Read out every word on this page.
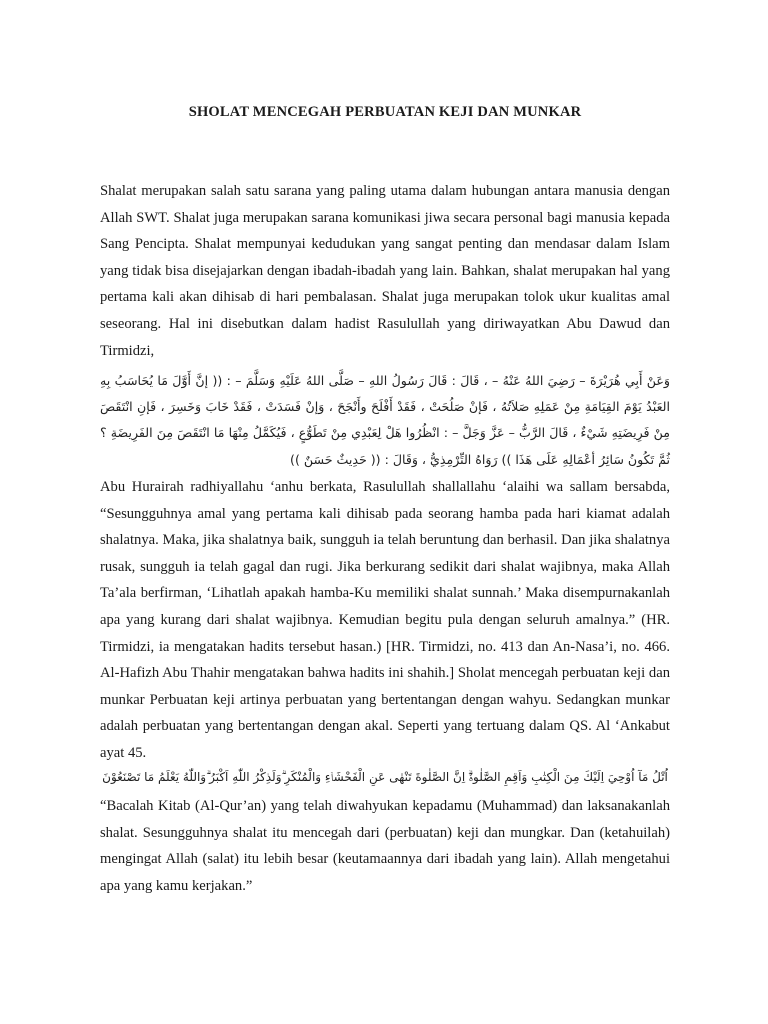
SHOLAT MENCEGAH PERBUATAN KEJI DAN MUNKAR

Shalat merupakan salah satu sarana yang paling utama dalam hubungan antara manusia dengan Allah SWT. Shalat juga merupakan sarana komunikasi jiwa secara personal bagi manusia kepada Sang Pencipta. Shalat mempunyai kedudukan yang sangat penting dan mendasar dalam Islam yang tidak bisa disejajarkan dengan ibadah-ibadah yang lain. Bahkan, shalat merupakan hal yang pertama kali akan dihisab di hari pembalasan. Shalat juga merupakan tolok ukur kualitas amal seseorang. Hal ini disebutkan dalam hadist Rasulullah yang diriwayatkan Abu Dawud dan Tirmidzi,

وَعَنْ أَبِي هُرَيْرَةَ – رَضِيَ اللهُ عَنْهُ – ، قَالَ : قَالَ رَسُولُ اللهِ – صَلَّى اللهُ عَلَيْهِ وَسَلَّمَ – : (( إنَّ أَوَّلَ مَا يُحَاسَبُ بِهِ العَبْدُ يَوْمَ القِيَامَةِ مِنْ عَمَلِهِ صَلاَتُهُ ، فَإنْ صَلُحَتْ ، فَقَدْ أَفْلَحَ وأَنْجَحَ ، وَإنْ فَسَدَتْ ، فَقَدْ خَابَ وَخَسِرَ ، فَإنِ انْتَقَصَ مِنْ فَرِيضَتِهِ شَيْءٌ ، قَالَ الرَّبُّ – عَزَّ وَجَلَّ – : انْظُرُوا هَلْ لِعَبْدِي مِنْ تَطَوُّعٍ ، فَيُكَمَّلُ مِنْهَا مَا انْتَقَصَ مِنَ الفَرِيضَةِ ؟ ثُمَّ تَكُونُ سَائِرُ أعْمَالِهِ عَلَى هَذَا )) رَوَاهُ التِّرْمِذِيُّ ، وَقَالَ : (( حَدِيثٌ حَسَنٌ ))

Abu Hurairah radhiyallahu ‘anhu berkata, Rasulullah shallallahu ‘alaihi wa sallam bersabda, “Sesungguhnya amal yang pertama kali dihisab pada seorang hamba pada hari kiamat adalah shalatnya. Maka, jika shalatnya baik, sungguh ia telah beruntung dan berhasil. Dan jika shalatnya rusak, sungguh ia telah gagal dan rugi. Jika berkurang sedikit dari shalat wajibnya, maka Allah Ta’ala berfirman, ‘Lihatlah apakah hamba-Ku memiliki shalat sunnah.’ Maka disempurnakanlah apa yang kurang dari shalat wajibnya. Kemudian begitu pula dengan seluruh amalnya.” (HR. Tirmidzi, ia mengatakan hadits tersebut hasan.) [HR. Tirmidzi, no. 413 dan An-Nasa’i, no. 466. Al-Hafizh Abu Thahir mengatakan bahwa hadits ini shahih.] Sholat mencegah perbuatan keji dan munkar Perbuatan keji artinya perbuatan yang bertentangan dengan wahyu. Sedangkan munkar adalah perbuatan yang bertentangan dengan akal. Seperti yang tertuang dalam QS. Al ‘Ankabut ayat 45.

اُتْلُ مَآ اُوْحِيَ اِلَيْكَ مِنَ الْكِتٰبِ وَاَقِمِ الصَّلٰوةَۗ اِنَّ الصَّلٰوةَ تَنْهٰى عَنِ الْفَحْشَاۤءِ وَالْمُنْكَرِ ۗوَلَذِكْرُ اللّٰهِ اَكْبَرُ ۗوَاللّٰهُ يَعْلَمُ مَا تَصْنَعُوْنَ

“Bacalah Kitab (Al-Qur’an) yang telah diwahyukan kepadamu (Muhammad) dan laksanakanlah shalat. Sesungguhnya shalat itu mencegah dari (perbuatan) keji dan mungkar. Dan (ketahuilah) mengingat Allah (salat) itu lebih besar (keutamaannya dari ibadah yang lain). Allah mengetahui apa yang kamu kerjakan.”
